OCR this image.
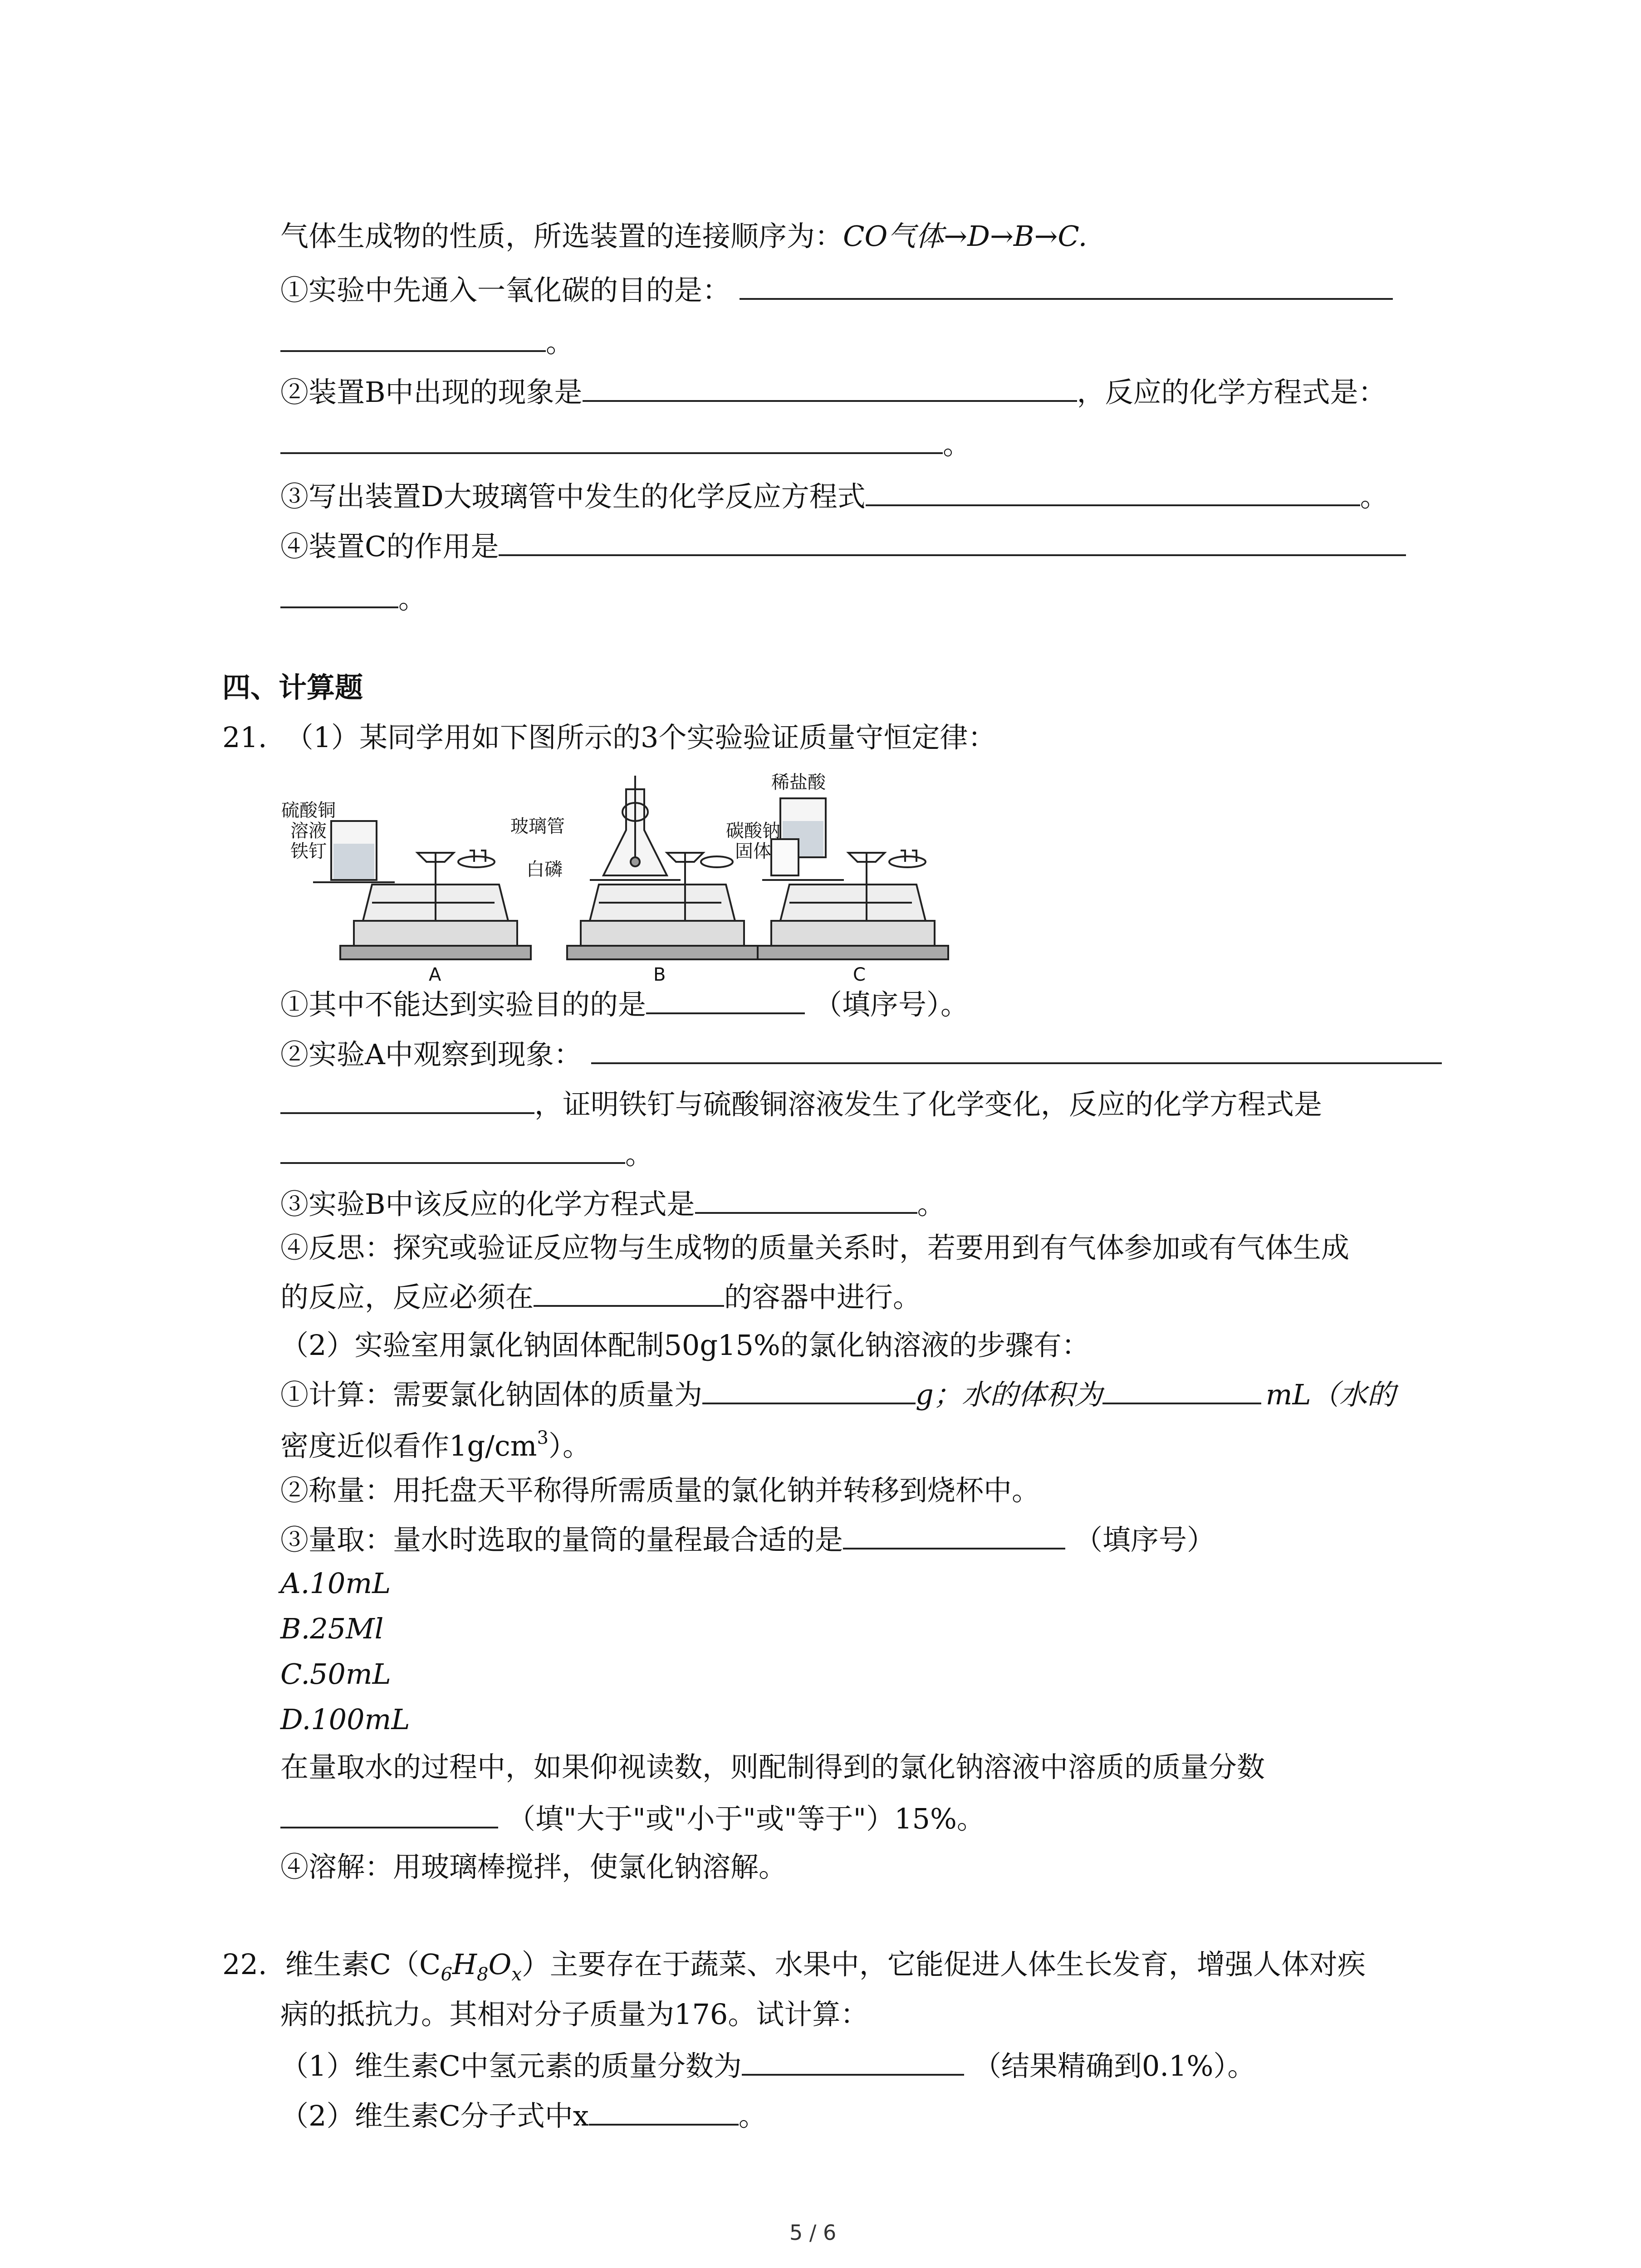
气体生成物的性质，所选装置的连接顺序为：CO气体→D→B→C.
①实验中先通入一氧化碳的目的是：
。
②装置B中出现的现象是	，反应的化学方程式是：
。
③写出装置D大玻璃管中发生的化学反应方程式	。
④装置C的作用是
。
四、计算题
21. （1）某同学用如下图所示的3个实验验证质量守恒定律：
硫酸铜
溶液
铁钉
玻璃管
白磷
稀盐酸
碳酸钠
固体
A	B	C
①其中不能达到实验目的的是	（填序号）。
②实验A中观察到现象：
，证明铁钉与硫酸铜溶液发生了化学变化，反应的化学方程式是
。
③实验B中该反应的化学方程式是	。
④反思：探究或验证反应物与生成物的质量关系时，若要用到有气体参加或有气体生成
的反应，反应必须在	的容器中进行。
（2）实验室用氯化钠固体配制50g15%的氯化钠溶液的步骤有：
①计算：需要氯化钠固体的质量为	g；水的体积为	mL（水的
密度近似看作$1g/cm^3$）。
②称量：用托盘天平称得所需质量的氯化钠并转移到烧杯中。
③量取：量水时选取的量筒的量程最合适的是	（填序号）
A.10mL
B.25Ml
C.50mL
D.100mL
在量取水的过程中，如果仰视读数，则配制得到的氯化钠溶液中溶质的质量分数
（填"大于"或"小于"或"等于"）15%。
④溶解：用玻璃棒搅拌，使氯化钠溶解。
22. 维生素$C(C_6H_8O_x)$主要存在于蔬菜、水果中，它能促进人体生长发育，增强人体对疾
病的抵抗力。其相对分子质量为176。试计算：
（1）维生素C中氢元素的质量分数为	（结果精确到0.1%）。
（2）维生素C分子式中x	。
5 / 6
